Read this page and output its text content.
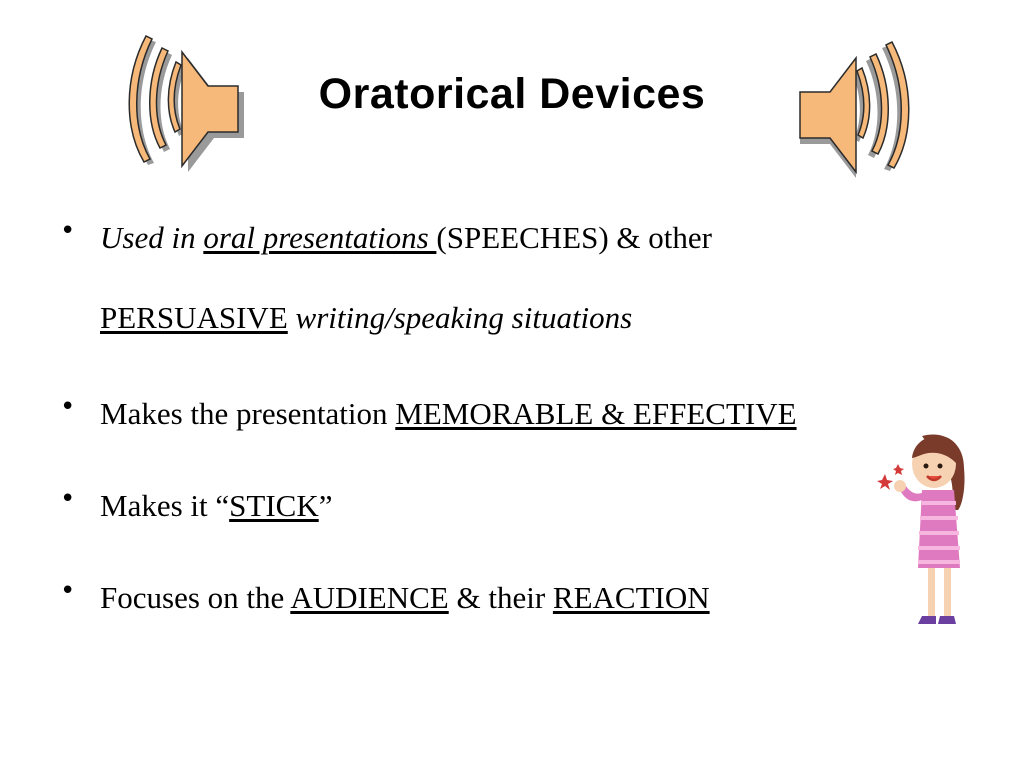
Oratorical Devices
• Used in oral presentations (SPEECHES) & other
PERSUASIVE writing/speaking situations
• Makes the presentation MEMORABLE & EFFECTIVE
• Makes it “STICK”
• Focuses on the AUDIENCE & their REACTION
